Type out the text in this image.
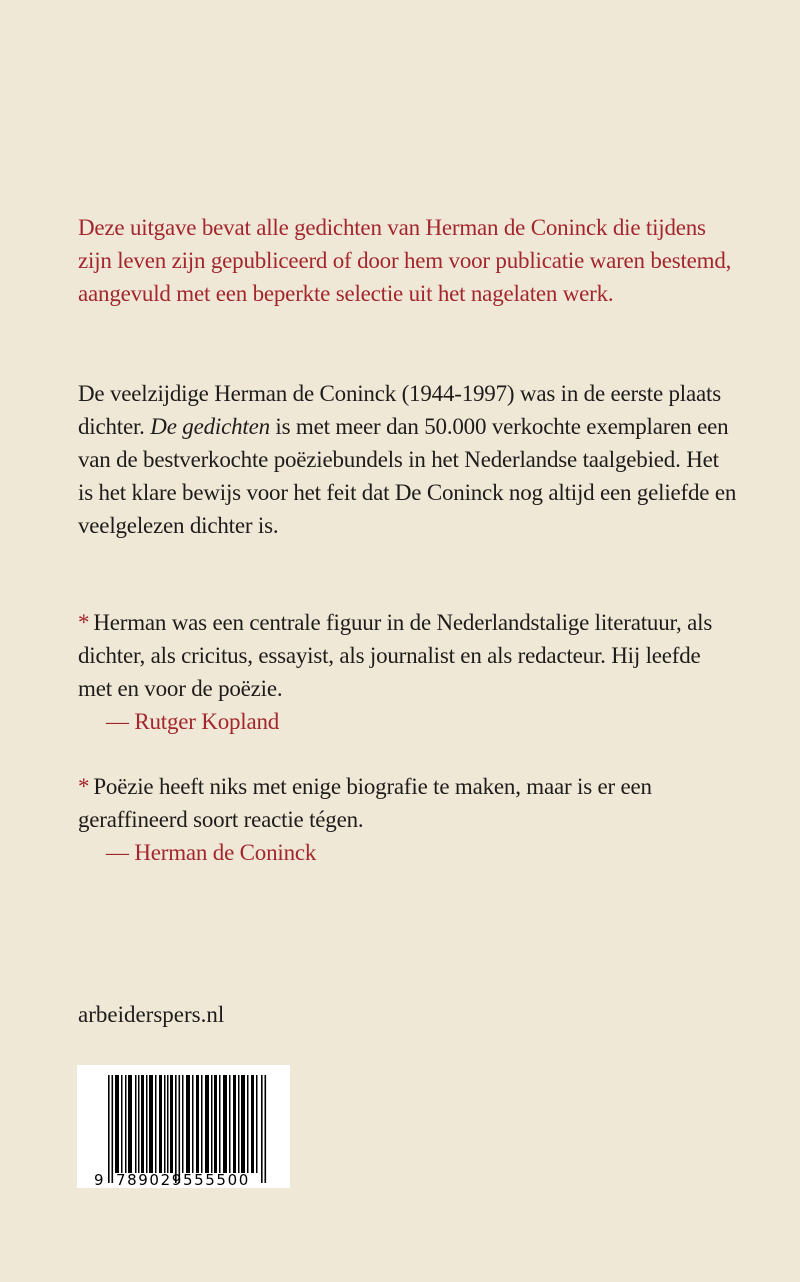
Deze uitgave bevat alle gedichten van Herman de Coninck die tijdens zijn leven zijn gepubliceerd of door hem voor publicatie waren bestemd, aangevuld met een beperkte selectie uit het nagelaten werk.

De veelzijdige Herman de Coninck (1944-1997) was in de eerste plaats dichter. De gedichten is met meer dan 50.000 verkochte exemplaren een van de bestverkochte poëziebundels in het Nederlandse taalgebied. Het is het klare bewijs voor het feit dat De Coninck nog altijd een geliefde en veelgelezen dichter is.

* Herman was een centrale figuur in de Nederlandstalige literatuur, als dichter, als cricitus, essayist, als journalist en als redacteur. Hij leefde met en voor de poëzie.
— Rutger Kopland
* Poëzie heeft niks met enige biografie te maken, maar is er een geraffineerd soort reactie tégen.
— Herman de Coninck
arbeiderspers.nl
9 789029 555500
